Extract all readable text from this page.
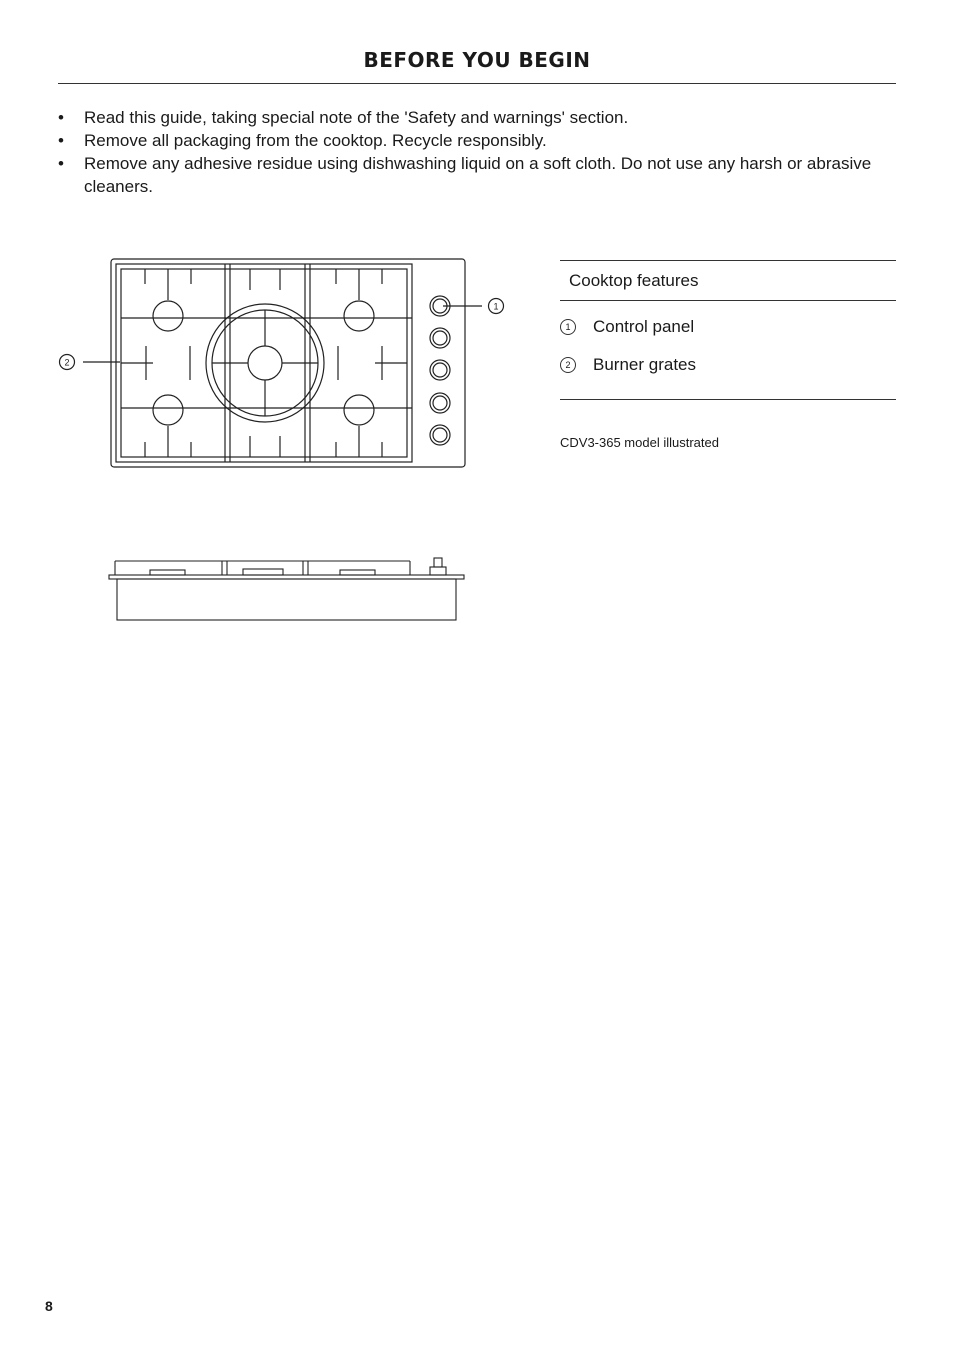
BEFORE YOU BEGIN
• Read this guide, taking special note of the 'Safety and warnings' section.
• Remove all packaging from the cooktop. Recycle responsibly.
• Remove any adhesive residue using dishwashing liquid on a soft cloth. Do not use any harsh or abrasive cleaners.
1
2
Cooktop features
1	Control panel
2	Burner grates
CDV3-365 model illustrated
8
